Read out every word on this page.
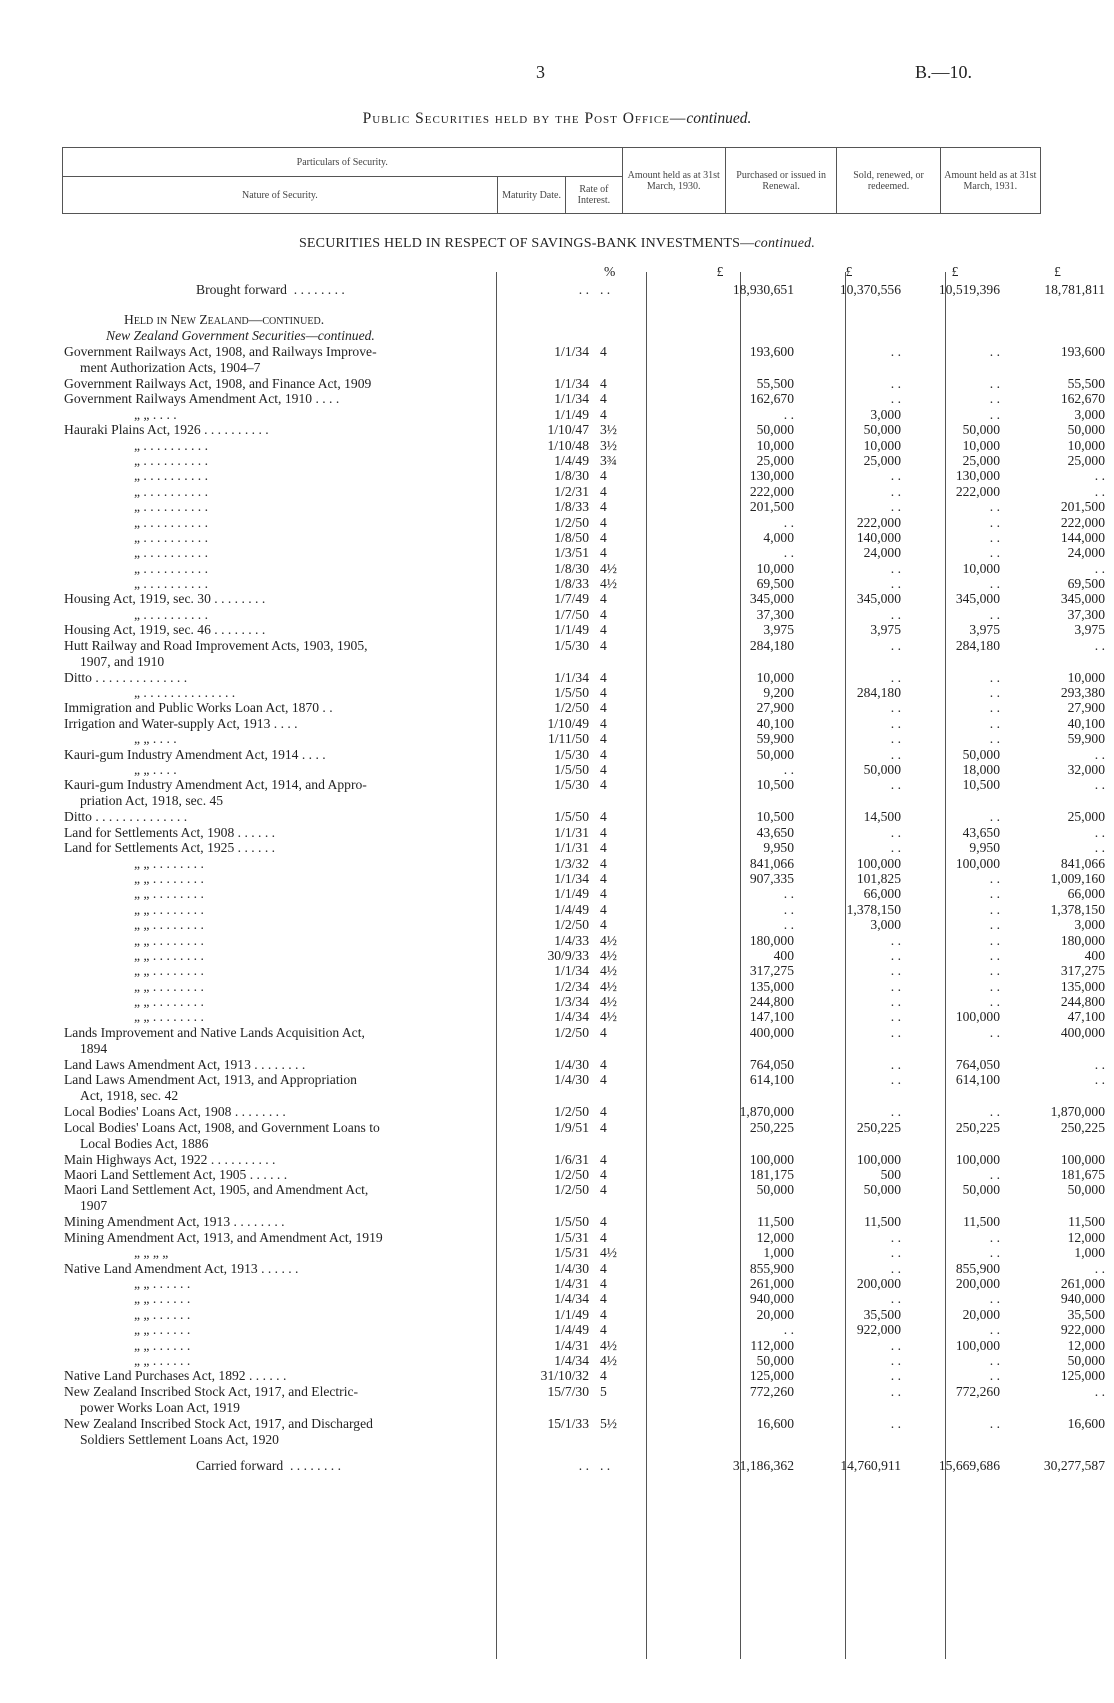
3	B.—10.
Public Securities held by the Post Office—continued.
Particulars of Security.			Amount held as at 31st March, 1930.	Purchased or issued in Renewal.	Sold, renewed, or redeemed.	Amount held as at 31st March, 1931.
Nature of Security.	Maturity Date.	Rate of Interest.				
SECURITIES HELD IN RESPECT OF SAVINGS-BANK INVESTMENTS—continued.
%	£	£	£	£
Brought forward . . . . . . . .	. . . .	18,930,651	10,370,556	10,519,396	18,781,811
Held in New Zealand—continued.
New Zealand Government Securities—continued.
Government Railways Act, 1908, and Railways Improve-
ment Authorization Acts, 1904–7
1/1/34 4	193,600	. .	. .	193,600
Government Railways Act, 1908, and Finance Act, 1909	1/1/34 4	55,500	. .	. .	55,500
Government Railways Amendment Act, 1910 . . . .	1/1/34 4	162,670	. .	. .	162,670
„ „ . . . .	1/1/49 4	. .	3,000	. .	3,000
Hauraki Plains Act, 1926 . . . . . . . . . .	1/10/47 3½	50,000	50,000	50,000	50,000
„ . . . . . . . . . .	1/10/48 3½	10,000	10,000	10,000	10,000
„ . . . . . . . . . .	1/4/49 3¾	25,000	25,000	25,000	25,000
„ . . . . . . . . . .	1/8/30 4	130,000	. .	130,000	. .
„ . . . . . . . . . .	1/2/31 4	222,000	. .	222,000	. .
„ . . . . . . . . . .	1/8/33 4	201,500	. .	. .	201,500
„ . . . . . . . . . .	1/2/50 4	. .	222,000	. .	222,000
„ . . . . . . . . . .	1/8/50 4	4,000	140,000	. .	144,000
„ . . . . . . . . . .	1/3/51 4	. .	24,000	. .	24,000
„ . . . . . . . . . .	1/8/30 4½	10,000	. .	10,000	. .
„ . . . . . . . . . .	1/8/33 4½	69,500	. .	. .	69,500
Housing Act, 1919, sec. 30 . . . . . . . .	1/7/49 4	345,000	345,000	345,000	345,000
„ . . . . . . . . . .	1/7/50 4	37,300	. .	. .	37,300
Housing Act, 1919, sec. 46 . . . . . . . .	1/1/49 4	3,975	3,975	3,975	3,975
Hutt Railway and Road Improvement Acts, 1903, 1905,
1907, and 1910
1/5/30 4	284,180	. .	284,180	. .
Ditto . . . . . . . . . . . . . .	1/1/34 4	10,000	. .	. .	10,000
„ . . . . . . . . . . . . . .	1/5/50 4	9,200	284,180	. .	293,380
Immigration and Public Works Loan Act, 1870 . .	1/2/50 4	27,900	. .	. .	27,900
Irrigation and Water-supply Act, 1913 . . . .	1/10/49 4	40,100	. .	. .	40,100
„ „ . . . .	1/11/50 4	59,900	. .	. .	59,900
Kauri-gum Industry Amendment Act, 1914 . . . .	1/5/30 4	50,000	. .	50,000	. .
„ „ . . . .	1/5/50 4	. .	50,000	18,000	32,000
Kauri-gum Industry Amendment Act, 1914, and Appro-
priation Act, 1918, sec. 45
1/5/30 4	10,500	. .	10,500	. .
Ditto . . . . . . . . . . . . . .	1/5/50 4	10,500	14,500	. .	25,000
Land for Settlements Act, 1908 . . . . . .	1/1/31 4	43,650	. .	43,650	. .
Land for Settlements Act, 1925 . . . . . .	1/1/31 4	9,950	. .	9,950	. .
„ „ . . . . . . . .	1/3/32 4	841,066	100,000	100,000	841,066
„ „ . . . . . . . .	1/1/34 4	907,335	101,825	. .	1,009,160
„ „ . . . . . . . .	1/1/49 4	. .	66,000	. .	66,000
„ „ . . . . . . . .	1/4/49 4	. .	1,378,150	. .	1,378,150
„ „ . . . . . . . .	1/2/50 4	. .	3,000	. .	3,000
„ „ . . . . . . . .	1/4/33 4½	180,000	. .	. .	180,000
„ „ . . . . . . . .	30/9/33 4½	400	. .	. .	400
„ „ . . . . . . . .	1/1/34 4½	317,275	. .	. .	317,275
„ „ . . . . . . . .	1/2/34 4½	135,000	. .	. .	135,000
„ „ . . . . . . . .	1/3/34 4½	244,800	. .	. .	244,800
„ „ . . . . . . . .	1/4/34 4½	147,100	. .	100,000	47,100
Lands Improvement and Native Lands Acquisition Act,
1894
1/2/50 4	400,000	. .	. .	400,000
Land Laws Amendment Act, 1913 . . . . . . . .	1/4/30 4	764,050	. .	764,050	. .
Land Laws Amendment Act, 1913, and Appropriation
Act, 1918, sec. 42
1/4/30 4	614,100	. .	614,100	. .
Local Bodies' Loans Act, 1908 . . . . . . . .	1/2/50 4	1,870,000	. .	. .	1,870,000
Local Bodies' Loans Act, 1908, and Government Loans to
Local Bodies Act, 1886
1/9/51 4	250,225	250,225	250,225	250,225
Main Highways Act, 1922 . . . . . . . . . .	1/6/31 4	100,000	100,000	100,000	100,000
Maori Land Settlement Act, 1905 . . . . . .	1/2/50 4	181,175	500	. .	181,675
Maori Land Settlement Act, 1905, and Amendment Act,
1907
1/2/50 4	50,000	50,000	50,000	50,000
Mining Amendment Act, 1913 . . . . . . . .	1/5/50 4	11,500	11,500	11,500	11,500
Mining Amendment Act, 1913, and Amendment Act, 1919	1/5/31 4	12,000	. .	. .	12,000
„ „ „ „	1/5/31 4½	1,000	. .	. .	1,000
Native Land Amendment Act, 1913 . . . . . .	1/4/30 4	855,900	. .	855,900	. .
„ „ . . . . . .	1/4/31 4	261,000	200,000	200,000	261,000
„ „ . . . . . .	1/4/34 4	940,000	. .	. .	940,000
„ „ . . . . . .	1/1/49 4	20,000	35,500	20,000	35,500
„ „ . . . . . .	1/4/49 4	. .	922,000	. .	922,000
„ „ . . . . . .	1/4/31 4½	112,000	. .	100,000	12,000
„ „ . . . . . .	1/4/34 4½	50,000	. .	. .	50,000
Native Land Purchases Act, 1892 . . . . . .	31/10/32 4	125,000	. .	. .	125,000
New Zealand Inscribed Stock Act, 1917, and Electric-
power Works Loan Act, 1919
15/7/30 5	772,260	. .	772,260	. .
New Zealand Inscribed Stock Act, 1917, and Discharged
Soldiers Settlement Loans Act, 1920
15/1/33 5½	16,600	. .	. .	16,600
Carried forward . . . . . . . .	. . . .	31,186,362	14,760,911	15,669,686	30,277,587
